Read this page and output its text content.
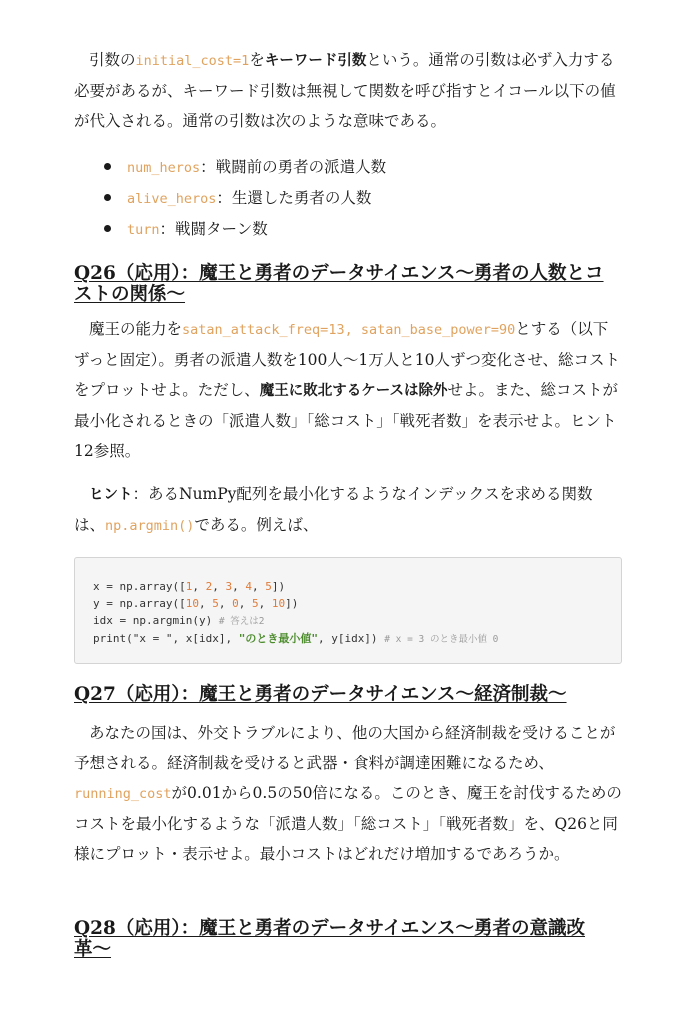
引数のinitial_cost=1をキーワード引数という。通常の引数は必ず入力する必要があるが、キーワード引数は無視して関数を呼び指すとイコール以下の値が代入される。通常の引数は次のような意味である。

num_heros：戦闘前の勇者の派遣人数
alive_heros：生還した勇者の人数
turn：戦闘ターン数
Q26（応用）：魔王と勇者のデータサイエンス〜勇者の人数とコストの関係〜

魔王の能力をsatan_attack_freq=13, satan_base_power=90とする（以下ずっと固定）。勇者の派遣人数を100人〜1万人と10人ずつ変化させ、総コストをプロットせよ。ただし、魔王に敗北するケースは除外せよ。また、総コストが最小化されるときの「派遣人数」「総コスト」「戦死者数」を表示せよ。ヒント12参照。

ヒント：あるNumPy配列を最小化するようなインデックスを求める関数は、np.argmin()である。例えば、

x = np.array([1, 2, 3, 4, 5])
y = np.array([10, 5, 0, 5, 10])
idx = np.argmin(y) # 答えは2
print("x = ", x[idx], "のとき最小値", y[idx]) # x = 3 のとき最小値 0
Q27（応用）：魔王と勇者のデータサイエンス〜経済制裁〜

あなたの国は、外交トラブルにより、他の大国から経済制裁を受けることが予想される。経済制裁を受けると武器・食料が調達困難になるため、running_costが0.01から0.5の50倍になる。このとき、魔王を討伐するためのコストを最小化するような「派遣人数」「総コスト」「戦死者数」を、Q26と同様にプロット・表示せよ。最小コストはどれだけ増加するであろうか。

Q28（応用）：魔王と勇者のデータサイエンス〜勇者の意識改革〜
